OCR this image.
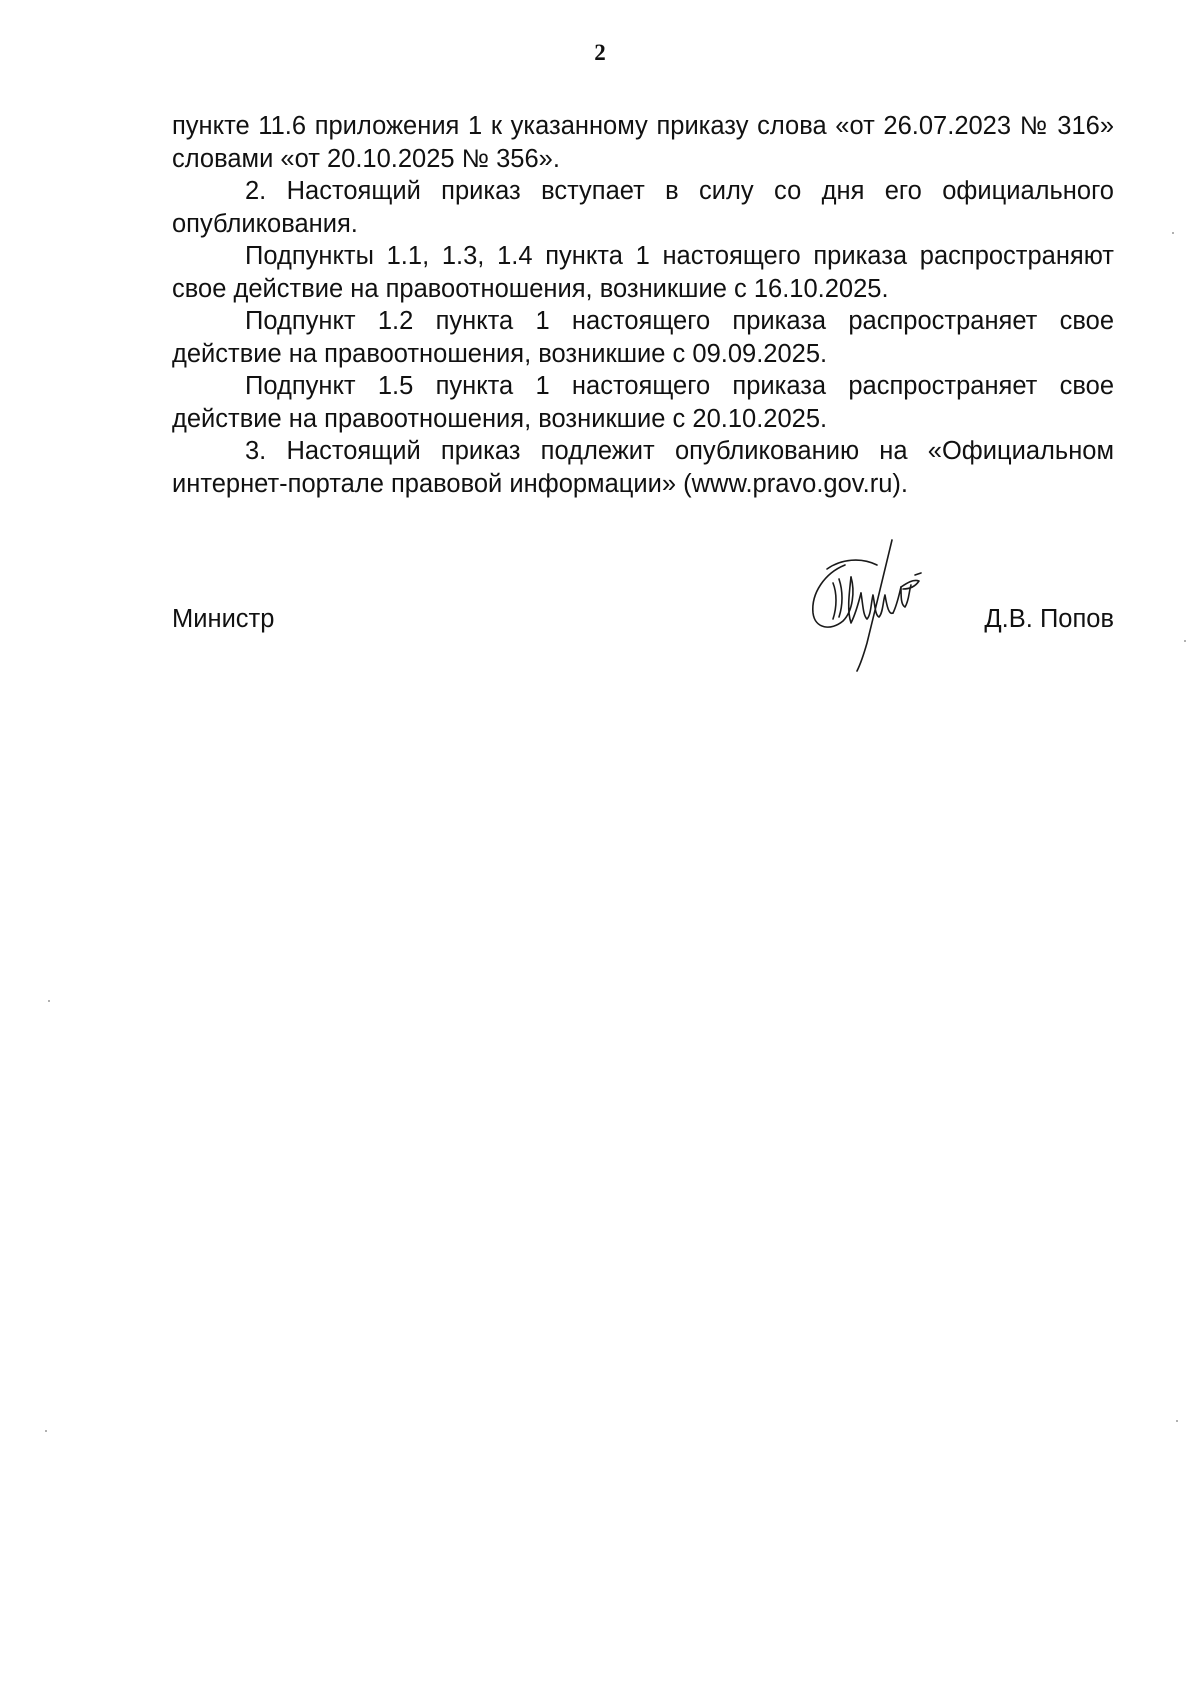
2

пункте 11.6 приложения 1 к указанному приказу слова «от 26.07.2023 № 316» словами «от 20.10.2025 № 356».

2. Настоящий приказ вступает в силу со дня его официального опубликования.

Подпункты 1.1, 1.3, 1.4 пункта 1 настоящего приказа распространяют свое действие на правоотношения, возникшие с 16.10.2025.

Подпункт 1.2 пункта 1 настоящего приказа распространяет свое действие на правоотношения, возникшие с 09.09.2025.

Подпункт 1.5 пункта 1 настоящего приказа распространяет свое действие на правоотношения, возникшие с 20.10.2025.

3. Настоящий приказ подлежит опубликованию на «Официальном интернет-портале правовой информации» (www.pravo.gov.ru).

Министр	Д.В. Попов
